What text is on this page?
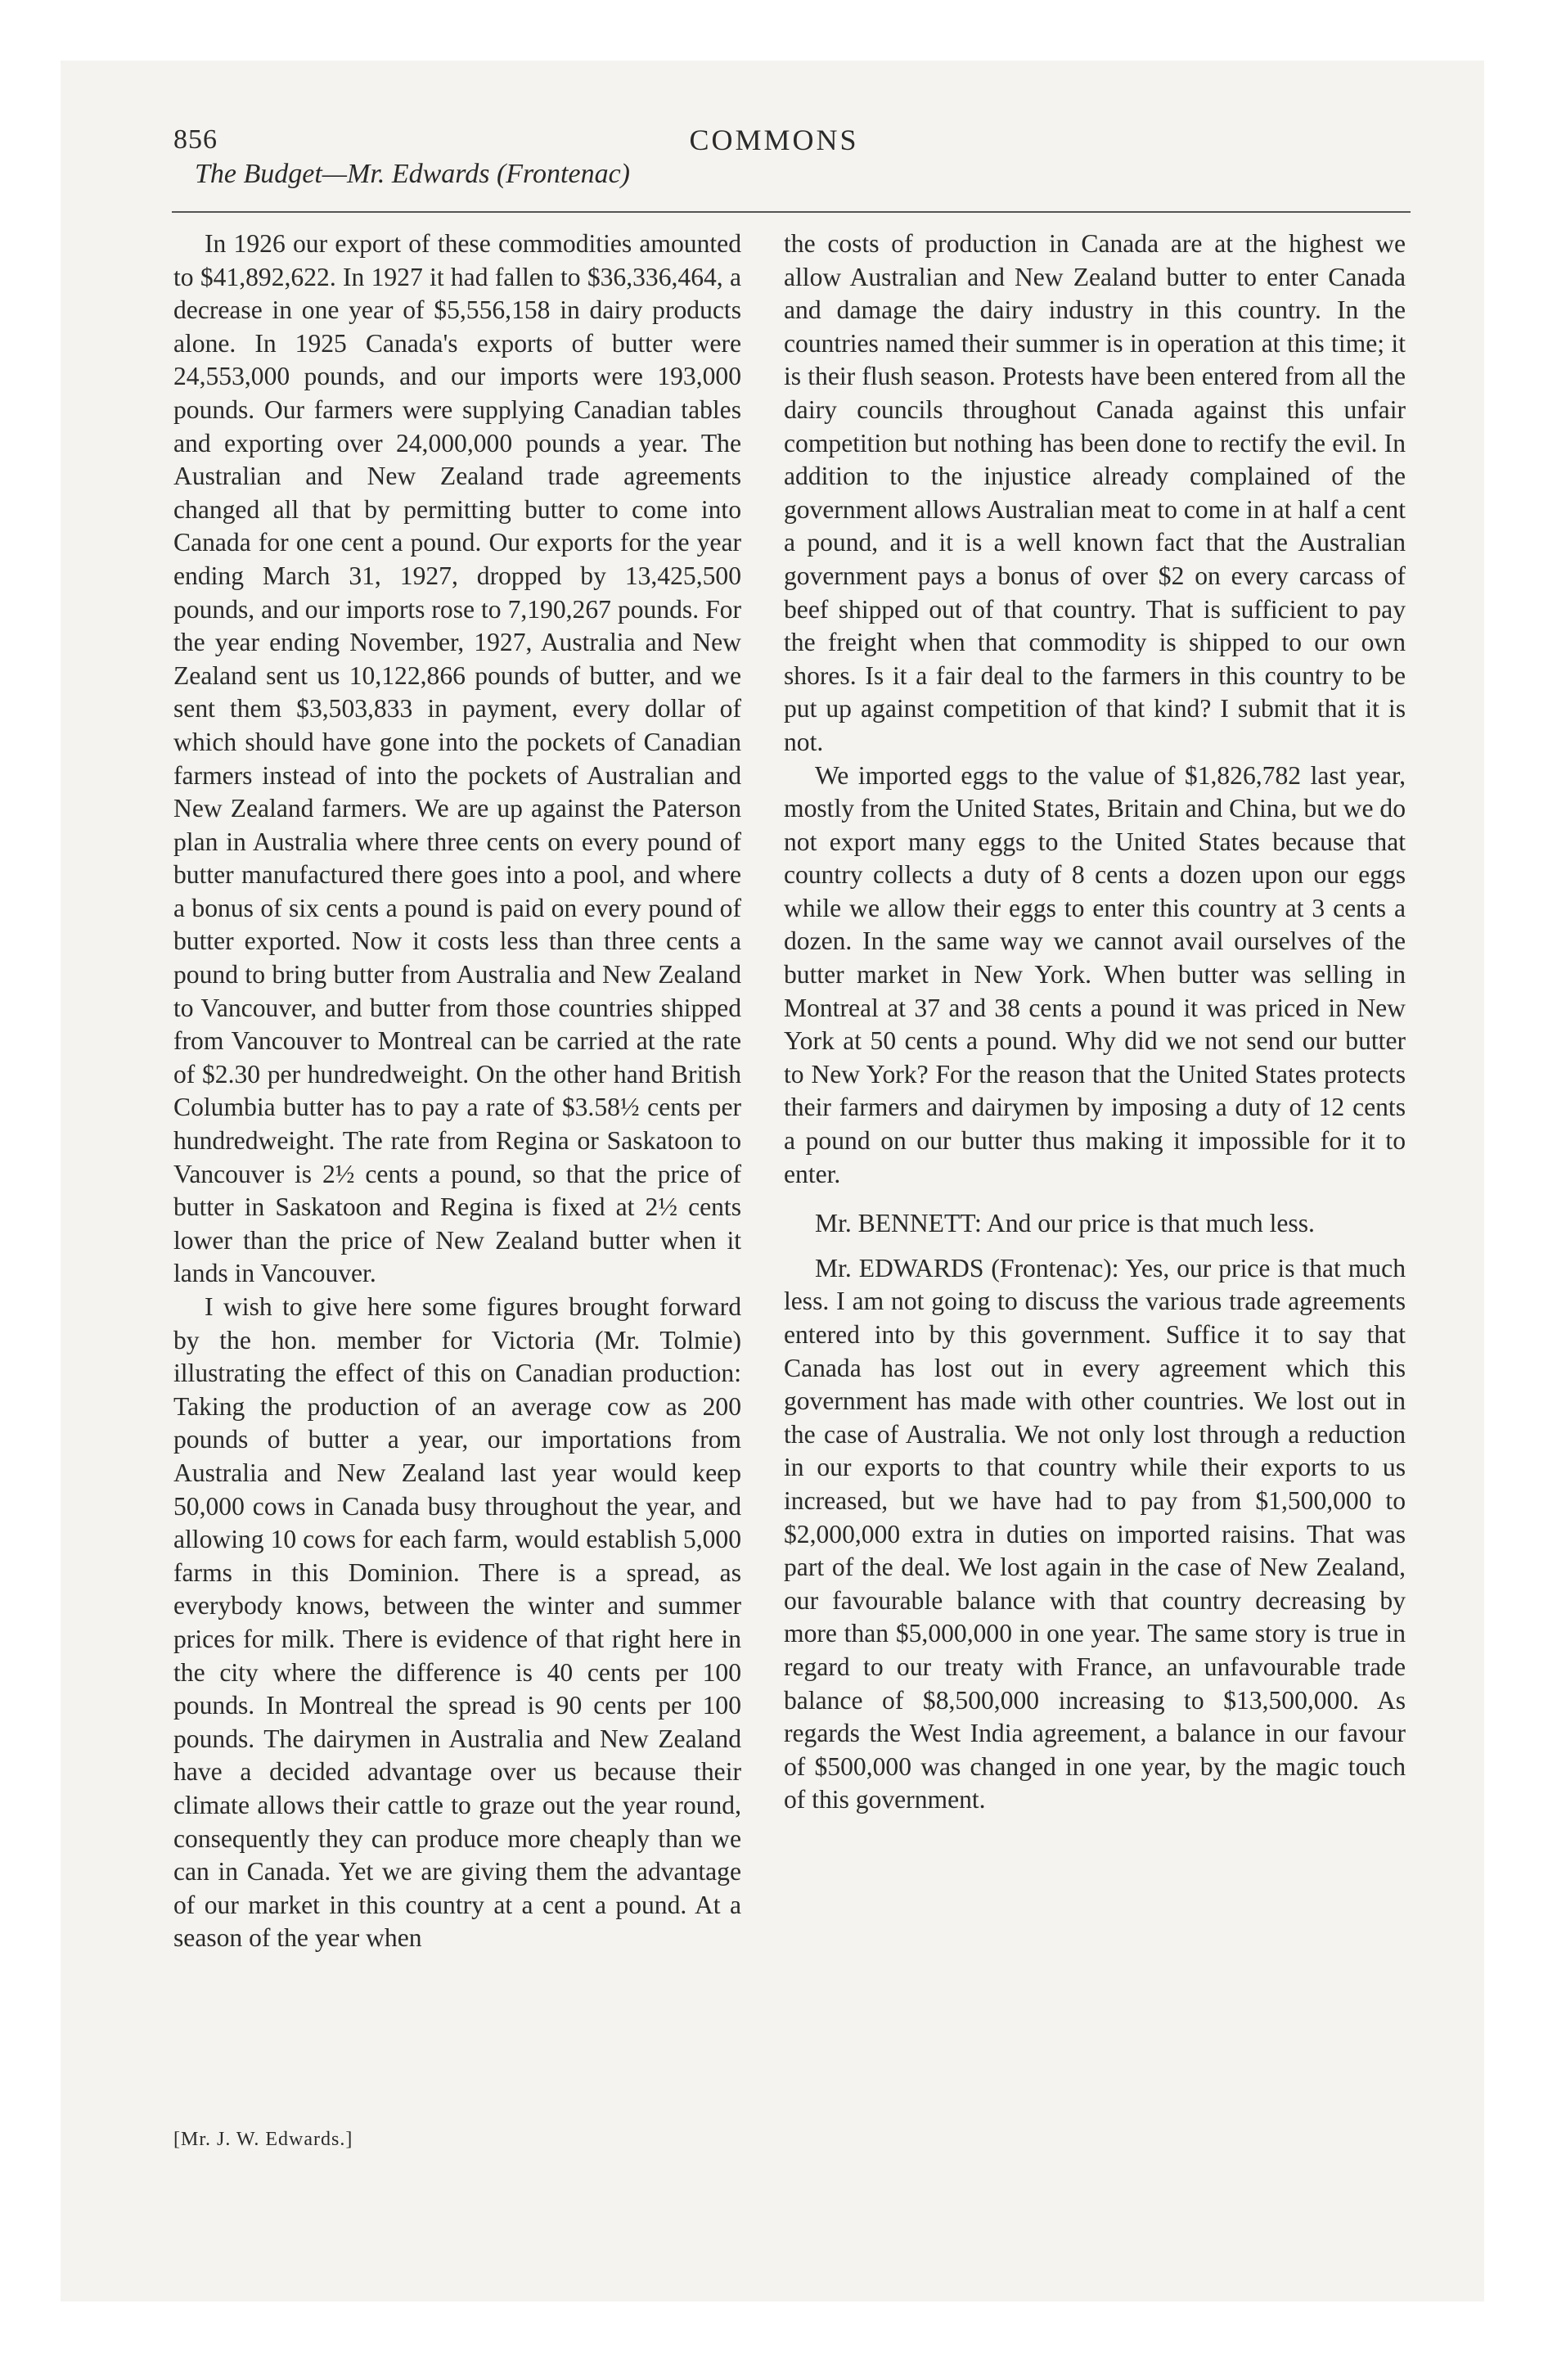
856	COMMONS
The Budget—Mr. Edwards (Frontenac)

In 1926 our export of these commodities amounted to $41,892,622. In 1927 it had fallen to $36,336,464, a decrease in one year of $5,556,158 in dairy products alone. In 1925 Canada's exports of butter were 24,553,000 pounds, and our imports were 193,000 pounds. Our farmers were supplying Canadian tables and exporting over 24,000,000 pounds a year. The Australian and New Zealand trade agreements changed all that by permitting butter to come into Canada for one cent a pound. Our exports for the year ending March 31, 1927, dropped by 13,425,500 pounds, and our imports rose to 7,190,267 pounds. For the year ending November, 1927, Australia and New Zealand sent us 10,122,866 pounds of butter, and we sent them $3,503,833 in payment, every dollar of which should have gone into the pockets of Canadian farmers instead of into the pockets of Australian and New Zealand farmers. We are up against the Paterson plan in Australia where three cents on every pound of butter manufactured there goes into a pool, and where a bonus of six cents a pound is paid on every pound of butter exported. Now it costs less than three cents a pound to bring butter from Australia and New Zealand to Vancouver, and butter from those countries shipped from Vancouver to Montreal can be carried at the rate of $2.30 per hundredweight. On the other hand British Columbia butter has to pay a rate of $3.58½ cents per hundredweight. The rate from Regina or Saskatoon to Vancouver is 2½ cents a pound, so that the price of butter in Saskatoon and Regina is fixed at 2½ cents lower than the price of New Zealand butter when it lands in Vancouver.

I wish to give here some figures brought forward by the hon. member for Victoria (Mr. Tolmie) illustrating the effect of this on Canadian production: Taking the production of an average cow as 200 pounds of butter a year, our importations from Australia and New Zealand last year would keep 50,000 cows in Canada busy throughout the year, and allowing 10 cows for each farm, would establish 5,000 farms in this Dominion. There is a spread, as everybody knows, between the winter and summer prices for milk. There is evidence of that right here in the city where the difference is 40 cents per 100 pounds. In Montreal the spread is 90 cents per 100 pounds. The dairymen in Australia and New Zealand have a decided advantage over us because their climate allows their cattle to graze out the year round, consequently they can produce more cheaply than we can in Canada. Yet we are giving them the advantage of our market in this country at a cent a pound. At a season of the year when

the costs of production in Canada are at the highest we allow Australian and New Zealand butter to enter Canada and damage the dairy industry in this country. In the countries named their summer is in operation at this time; it is their flush season. Protests have been entered from all the dairy councils throughout Canada against this unfair competition but nothing has been done to rectify the evil. In addition to the injustice already complained of the government allows Australian meat to come in at half a cent a pound, and it is a well known fact that the Australian government pays a bonus of over $2 on every carcass of beef shipped out of that country. That is sufficient to pay the freight when that commodity is shipped to our own shores. Is it a fair deal to the farmers in this country to be put up against competition of that kind? I submit that it is not.

We imported eggs to the value of $1,826,782 last year, mostly from the United States, Britain and China, but we do not export many eggs to the United States because that country collects a duty of 8 cents a dozen upon our eggs while we allow their eggs to enter this country at 3 cents a dozen. In the same way we cannot avail ourselves of the butter market in New York. When butter was selling in Montreal at 37 and 38 cents a pound it was priced in New York at 50 cents a pound. Why did we not send our butter to New York? For the reason that the United States protects their farmers and dairymen by imposing a duty of 12 cents a pound on our butter thus making it impossible for it to enter.

Mr. BENNETT: And our price is that much less.

Mr. EDWARDS (Frontenac): Yes, our price is that much less. I am not going to discuss the various trade agreements entered into by this government. Suffice it to say that Canada has lost out in every agreement which this government has made with other countries. We lost out in the case of Australia. We not only lost through a reduction in our exports to that country while their exports to us increased, but we have had to pay from $1,500,000 to $2,000,000 extra in duties on imported raisins. That was part of the deal. We lost again in the case of New Zealand, our favourable balance with that country decreasing by more than $5,000,000 in one year. The same story is true in regard to our treaty with France, an unfavourable trade balance of $8,500,000 increasing to $13,500,000. As regards the West India agreement, a balance in our favour of $500,000 was changed in one year, by the magic touch of this government.

[Mr. J. W. Edwards.]
